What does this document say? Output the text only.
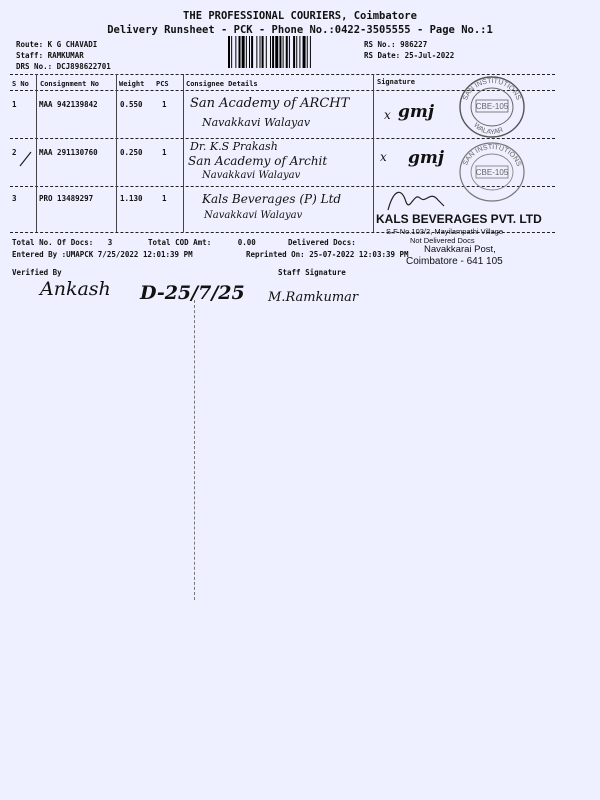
THE PROFESSIONAL COURIERS, Coimbatore
Delivery Runsheet - PCK - Phone No.:0422-3505555 - Page No.:1
Route: K G CHAVADI
Staff: RAMKUMAR
DRS No.: DCJ898622701
RS No.: 986227
RS Date: 25-Jul-2022
S No Consignment No	Weight PCS Consignee Details	Signature
1	MAA 942139842	0.550	1 San Academy of ARCHT
Navakkavi Walayav
x gmj
2	MAA 291130760	0.250	1 Dr. K.S Prakash
San Academy of Archit
Navakkavi Walayav
x gmj
3	PRO 13489297	1.130	1	Kals Beverages (P) Ltd
Navakkavi Walayav
SAN INSTITUTIONS
WALAYAR
CBE-105
SAN INSTITUTIONS
CBE-105
KALS BEVERAGES PVT. LTD
S.F No.103/2, Mayilampathi Village
Navakkarai Post,
Coimbatore - 641 105
Total No. Of Docs: 3	Total COD Amt:	0.00	Delivered Docs:	Not Delivered Docs
Entered By :UMAPCK 7/25/2022 12:01:39 PM	Reprinted On: 25-07-2022 12:03:39 PM
Verified By	Staff Signature
Ankash D-25/7/25 M.Ramkumar
